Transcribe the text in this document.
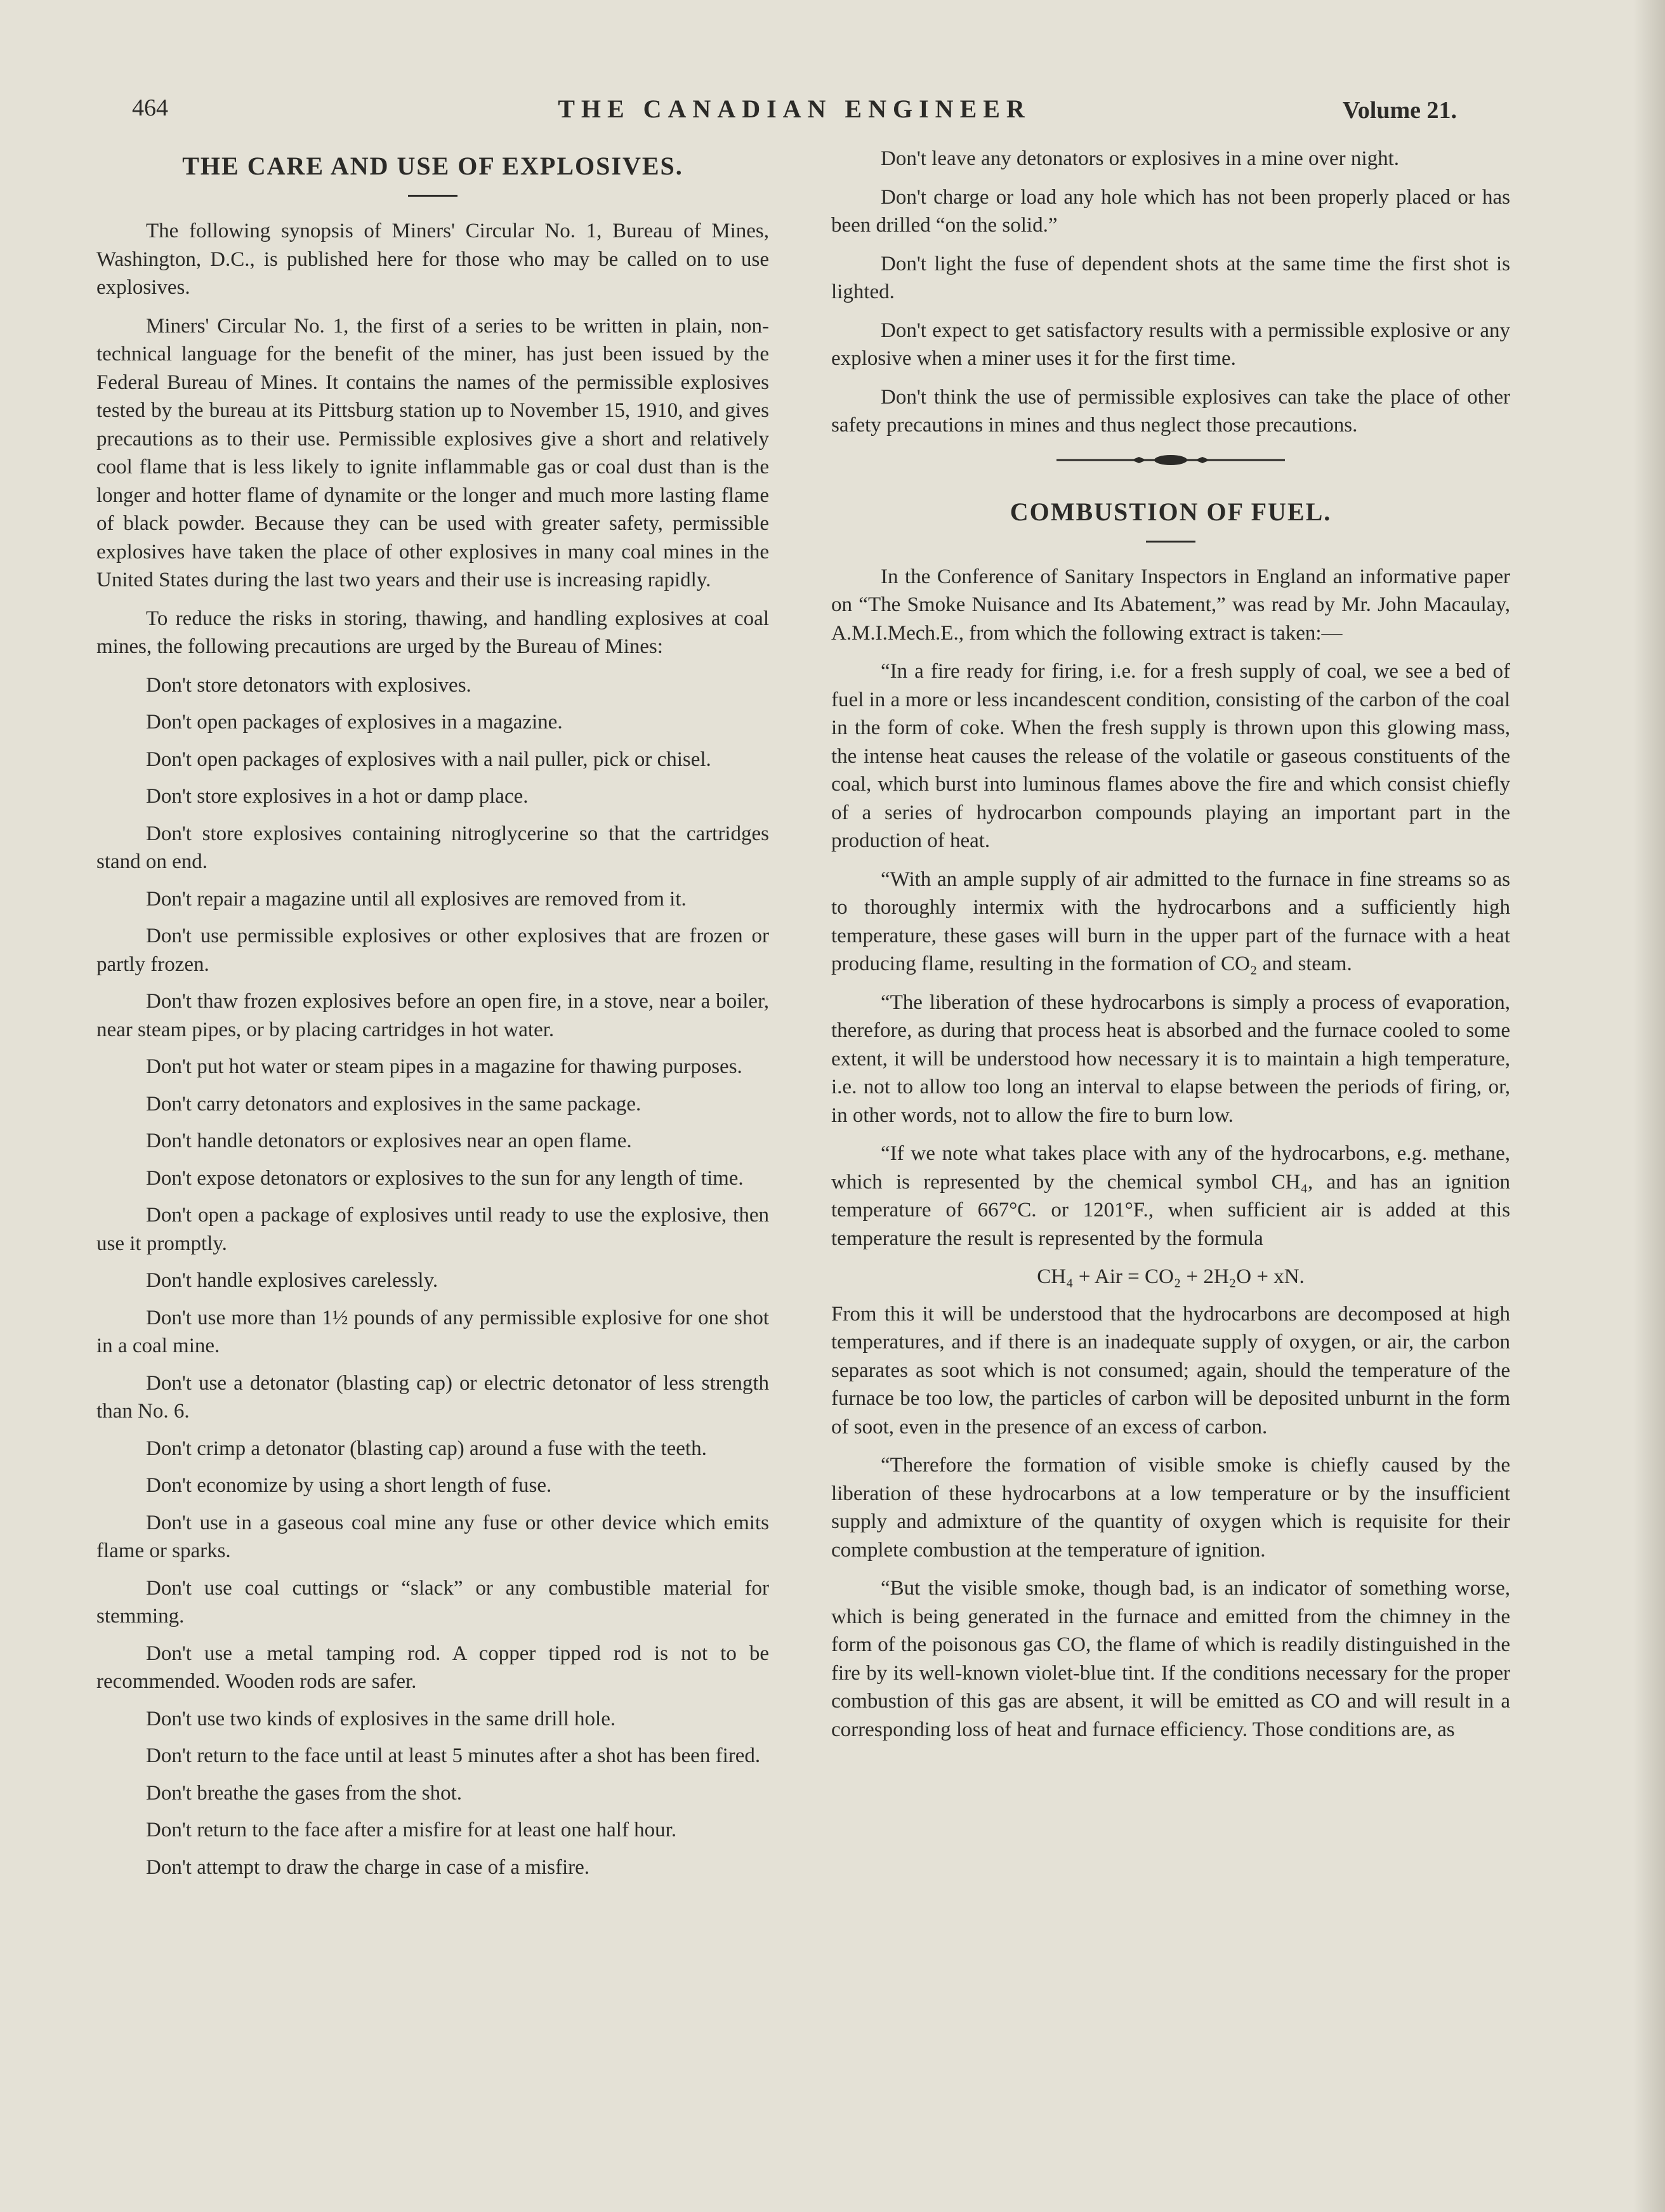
464	THE CANADIAN ENGINEER	Volume 21.
THE CARE AND USE OF EXPLOSIVES.

The following synopsis of Miners' Circular No. 1, Bureau of Mines, Washington, D.C., is published here for those who may be called on to use explosives.

Miners' Circular No. 1, the first of a series to be written in plain, non-technical language for the benefit of the miner, has just been issued by the Federal Bureau of Mines. It contains the names of the permissible explosives tested by the bureau at its Pittsburg station up to November 15, 1910, and gives precautions as to their use. Permissible explosives give a short and relatively cool flame that is less likely to ignite inflammable gas or coal dust than is the longer and hotter flame of dynamite or the longer and much more lasting flame of black powder. Because they can be used with greater safety, permissible explosives have taken the place of other explosives in many coal mines in the United States during the last two years and their use is increasing rapidly.

To reduce the risks in storing, thawing, and handling explosives at coal mines, the following precautions are urged by the Bureau of Mines:

Don't store detonators with explosives.

Don't open packages of explosives in a magazine.

Don't open packages of explosives with a nail puller, pick or chisel.

Don't store explosives in a hot or damp place.

Don't store explosives containing nitroglycerine so that the cartridges stand on end.

Don't repair a magazine until all explosives are removed from it.

Don't use permissible explosives or other explosives that are frozen or partly frozen.

Don't thaw frozen explosives before an open fire, in a stove, near a boiler, near steam pipes, or by placing cartridges in hot water.

Don't put hot water or steam pipes in a magazine for thawing purposes.

Don't carry detonators and explosives in the same package.

Don't handle detonators or explosives near an open flame.

Don't expose detonators or explosives to the sun for any length of time.

Don't open a package of explosives until ready to use the explosive, then use it promptly.

Don't handle explosives carelessly.

Don't use more than 1½ pounds of any permissible explosive for one shot in a coal mine.

Don't use a detonator (blasting cap) or electric detonator of less strength than No. 6.

Don't crimp a detonator (blasting cap) around a fuse with the teeth.

Don't economize by using a short length of fuse.

Don't use in a gaseous coal mine any fuse or other device which emits flame or sparks.

Don't use coal cuttings or “slack” or any combustible material for stemming.

Don't use a metal tamping rod. A copper tipped rod is not to be recommended. Wooden rods are safer.

Don't use two kinds of explosives in the same drill hole.

Don't return to the face until at least 5 minutes after a shot has been fired.

Don't breathe the gases from the shot.

Don't return to the face after a misfire for at least one half hour.

Don't attempt to draw the charge in case of a misfire.

Don't leave any detonators or explosives in a mine over night.

Don't charge or load any hole which has not been properly placed or has been drilled “on the solid.”

Don't light the fuse of dependent shots at the same time the first shot is lighted.

Don't expect to get satisfactory results with a permissible explosive or any explosive when a miner uses it for the first time.

Don't think the use of permissible explosives can take the place of other safety precautions in mines and thus neglect those precautions.

COMBUSTION OF FUEL.

In the Conference of Sanitary Inspectors in England an informative paper on “The Smoke Nuisance and Its Abatement,” was read by Mr. John Macaulay, A.M.I.Mech.E., from which the following extract is taken:—

“In a fire ready for firing, i.e. for a fresh supply of coal, we see a bed of fuel in a more or less incandescent condition, consisting of the carbon of the coal in the form of coke. When the fresh supply is thrown upon this glowing mass, the intense heat causes the release of the volatile or gaseous constituents of the coal, which burst into luminous flames above the fire and which consist chiefly of a series of hydrocarbon compounds playing an important part in the production of heat.

“With an ample supply of air admitted to the furnace in fine streams so as to thoroughly intermix with the hydrocarbons and a sufficiently high temperature, these gases will burn in the upper part of the furnace with a heat producing flame, resulting in the formation of CO₂ and steam.

“The liberation of these hydrocarbons is simply a process of evaporation, therefore, as during that process heat is absorbed and the furnace cooled to some extent, it will be understood how necessary it is to maintain a high temperature, i.e. not to allow too long an interval to elapse between the periods of firing, or, in other words, not to allow the fire to burn low.

“If we note what takes place with any of the hydrocarbons, e.g. methane, which is represented by the chemical symbol CH₄, and has an ignition temperature of 667°C. or 1201°F., when sufficient air is added at this temperature the result is represented by the formula

CH₄ + Air = CO₂ + 2H₂O + xN.

From this it will be understood that the hydrocarbons are decomposed at high temperatures, and if there is an inadequate supply of oxygen, or air, the carbon separates as soot which is not consumed; again, should the temperature of the furnace be too low, the particles of carbon will be deposited unburnt in the form of soot, even in the presence of an excess of carbon.

“Therefore the formation of visible smoke is chiefly caused by the liberation of these hydrocarbons at a low temperature or by the insufficient supply and admixture of the quantity of oxygen which is requisite for their complete combustion at the temperature of ignition.

“But the visible smoke, though bad, is an indicator of something worse, which is being generated in the furnace and emitted from the chimney in the form of the poisonous gas CO, the flame of which is readily distinguished in the fire by its well-known violet-blue tint. If the conditions necessary for the proper combustion of this gas are absent, it will be emitted as CO and will result in a corresponding loss of heat and furnace efficiency. Those conditions are, as
